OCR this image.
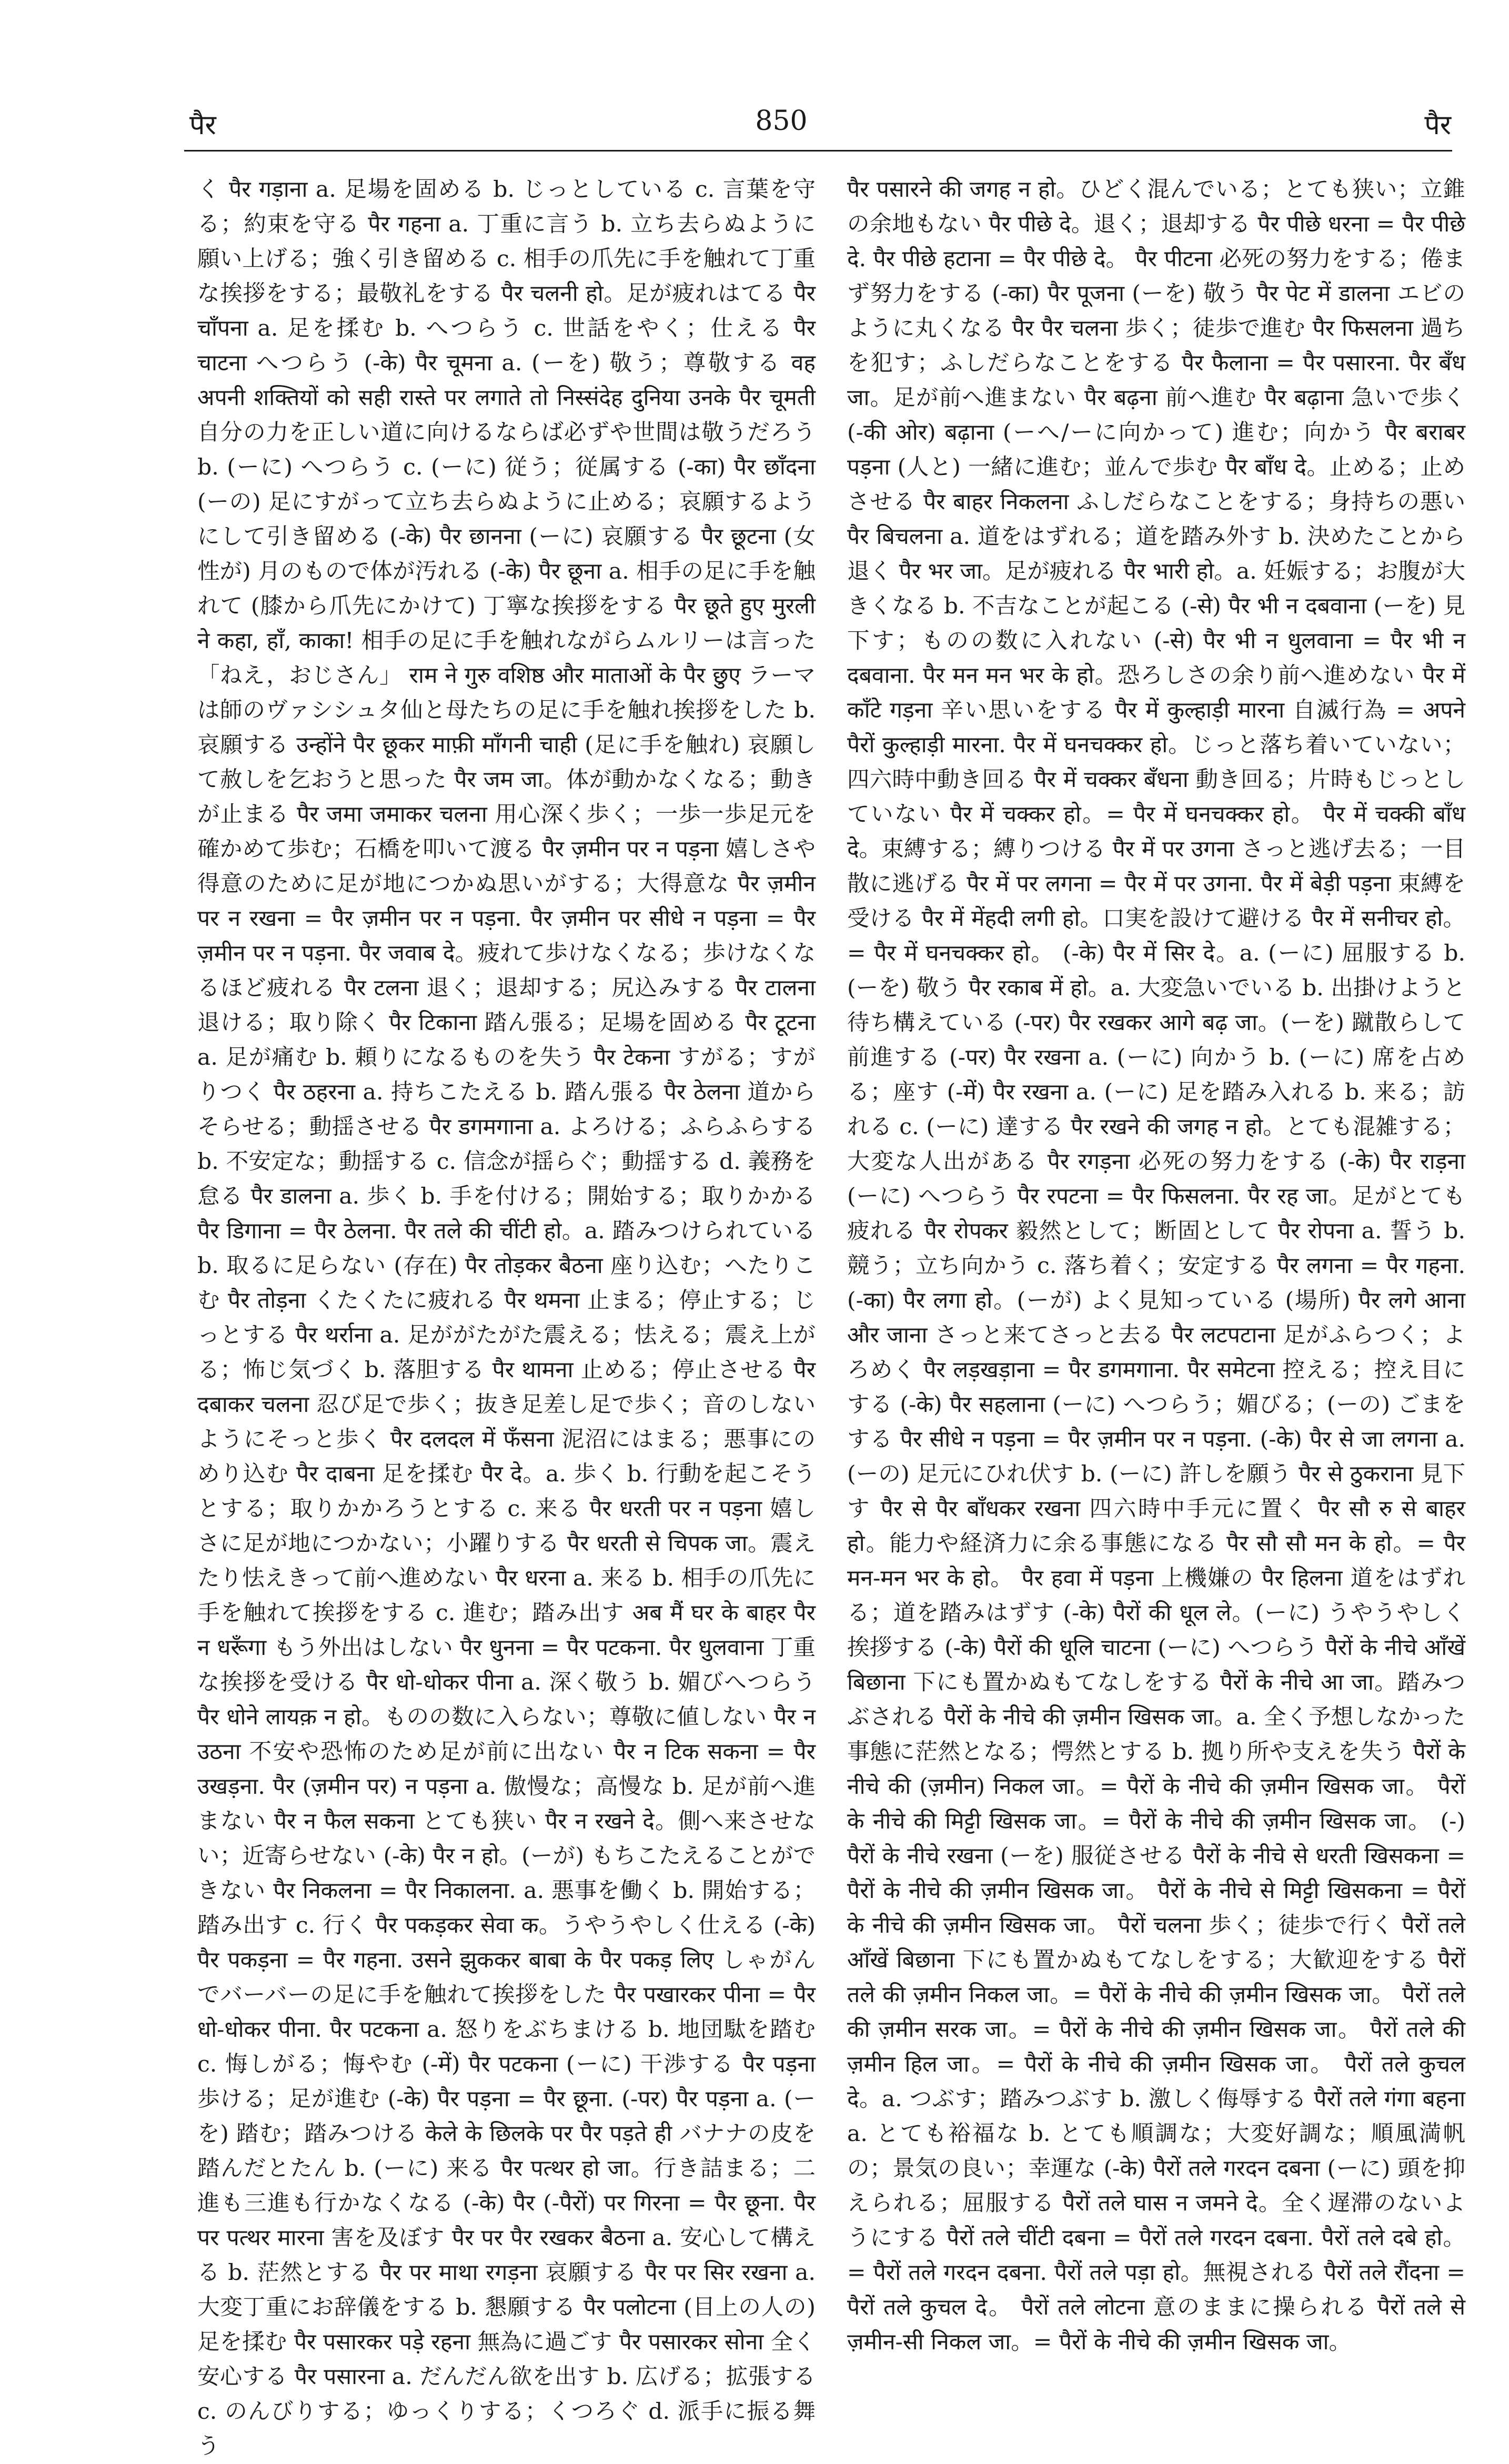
पैर	850	पैर

く पैर गड़ाना a. 足場を固める b. じっとしている c. 言葉を守る；約束を守る पैर गहना a. 丁重に言う b. 立ち去らぬように願い上げる；強く引き留める c. 相手の爪先に手を触れて丁重な挨拶をする；最敬礼をする पैर चलनी हो。足が疲れはてる पैर चाँपना a. 足を揉む b. へつらう c. 世話をやく；仕える पैर चाटना へつらう (-के) पैर चूमना a. (ーを) 敬う；尊敬する वह अपनी शक्तियों को सही रास्ते पर लगाते तो निस्संदेह दुनिया उनके पैर चूमती 自分の力を正しい道に向けるならば必ずや世間は敬うだろう b. (ーに) へつらう c. (ーに) 従う；従属する (-का) पैर छाँदना (ーの) 足にすがって立ち去らぬように止める；哀願するようにして引き留める (-के) पैर छानना (ーに) 哀願する पैर छूटना (女性が) 月のもので体が汚れる (-के) पैर छूना a. 相手の足に手を触れて (膝から爪先にかけて) 丁寧な挨拶をする पैर छूते हुए मुरली ने कहा, हाँ, काका! 相手の足に手を触れながらムルリーは言った 「ねえ，おじさん」 राम ने गुरु वशिष्ठ और माताओं के पैर छुए ラーマは師のヴァシシュタ仙と母たちの足に手を触れ挨拶をした b. 哀願する उन्होंने पैर छूकर माफ़ी माँगनी चाही (足に手を触れ) 哀願して赦しを乞おうと思った पैर जम जा。体が動かなくなる；動きが止まる पैर जमा जमाकर चलना 用心深く歩く；一歩一歩足元を確かめて歩む；石橋を叩いて渡る पैर ज़मीन पर न पड़ना 嬉しさや得意のために足が地につかぬ思いがする；大得意な पैर ज़मीन पर न रखना = पैर ज़मीन पर न पड़ना. पैर ज़मीन पर सीधे न पड़ना = पैर ज़मीन पर न पड़ना. पैर जवाब दे。疲れて歩けなくなる；歩けなくなるほど疲れる पैर टलना 退く；退却する；尻込みする पैर टालना 退ける；取り除く पैर टिकाना 踏ん張る；足場を固める पैर टूटना a. 足が痛む b. 頼りになるものを失う पैर टेकना すがる；すがりつく पैर ठहरना a. 持ちこたえる b. 踏ん張る पैर ठेलना 道からそらせる；動揺させる पैर डगमगाना a. よろける；ふらふらする b. 不安定な；動揺する c. 信念が揺らぐ；動揺する d. 義務を怠る पैर डालना a. 歩く b. 手を付ける；開始する；取りかかる पैर डिगाना = पैर ठेलना. पैर तले की चींटी हो。a. 踏みつけられている b. 取るに足らない (存在) पैर तोड़कर बैठना 座り込む；へたりこむ पैर तोड़ना くたくたに疲れる पैर थमना 止まる；停止する；じっとする पैर थर्राना a. 足ががたがた震える；怯える；震え上がる；怖じ気づく b. 落胆する पैर थामना 止める；停止させる पैर दबाकर चलना 忍び足で歩く；抜き足差し足で歩く；音のしないようにそっと歩く पैर दलदल में फँसना 泥沼にはまる；悪事にのめり込む पैर दाबना 足を揉む पैर दे。a. 歩く b. 行動を起こそうとする；取りかかろうとする c. 来る पैर धरती पर न पड़ना 嬉しさに足が地につかない；小躍りする पैर धरती से चिपक जा。震えたり怯えきって前へ進めない पैर धरना a. 来る b. 相手の爪先に手を触れて挨拶をする c. 進む；踏み出す अब मैं घर के बाहर पैर न धरूँगा もう外出はしない पैर धुनना = पैर पटकना. पैर धुलवाना 丁重な挨拶を受ける पैर धो-धोकर पीना a. 深く敬う b. 媚びへつらう पैर धोने लायक़ न हो。ものの数に入らない；尊敬に値しない पैर न उठना 不安や恐怖のため足が前に出ない पैर न टिक सकना = पैर उखड़ना. पैर (ज़मीन पर) न पड़ना a. 傲慢な；高慢な b. 足が前へ進まない पैर न फैल सकना とても狭い पैर न रखने दे。側へ来させない；近寄らせない (-के) पैर न हो。(ーが) もちこたえることができない पैर निकलना = पैर निकालना. a. 悪事を働く b. 開始する；踏み出す c. 行く पैर पकड़कर सेवा क。うやうやしく仕える (-के) पैर पकड़ना = पैर गहना. उसने झुककर बाबा के पैर पकड़ लिए しゃがんでバーバーの足に手を触れて挨拶をした पैर पखारकर पीना = पैर धो-धोकर पीना. पैर पटकना a. 怒りをぶちまける b. 地団駄を踏む c. 悔しがる；悔やむ (-में) पैर पटकना (ーに) 干渉する पैर पड़ना 歩ける；足が進む (-के) पैर पड़ना = पैर छूना. (-पर) पैर पड़ना a. (ーを) 踏む；踏みつける केले के छिलके पर पैर पड़ते ही バナナの皮を踏んだとたん b. (ーに) 来る पैर पत्थर हो जा。行き詰まる；二進も三進も行かなくなる (-के) पैर (-पैरों) पर गिरना = पैर छूना. पैर पर पत्थर मारना 害を及ぼす पैर पर पैर रखकर बैठना a. 安心して構える b. 茫然とする पैर पर माथा रगड़ना 哀願する पैर पर सिर रखना a. 大変丁重にお辞儀をする b. 懇願する पैर पलोटना (目上の人の) 足を揉む पैर पसारकर पड़े रहना 無為に過ごす पैर पसारकर सोना 全く安心する पैर पसारना a. だんだん欲を出す b. 広げる；拡張する c. のんびりする；ゆっくりする；くつろぐ d. 派手に振る舞う

पैर पसारने की जगह न हो。ひどく混んでいる；とても狭い；立錐の余地もない पैर पीछे दे。退く；退却する पैर पीछे धरना = पैर पीछे दे. पैर पीछे हटाना = पैर पीछे दे。 पैर पीटना 必死の努力をする；倦まず努力をする (-का) पैर पूजना (ーを) 敬う पैर पेट में डालना エビのように丸くなる पैर पैर चलना 歩く；徒歩で進む पैर फिसलना 過ちを犯す；ふしだらなことをする पैर फैलाना = पैर पसारना. पैर बँध जा。足が前へ進まない पैर बढ़ना 前へ進む पैर बढ़ाना 急いで歩く (-की ओर) बढ़ाना (ーへ/ーに向かって) 進む；向かう पैर बराबर पड़ना (人と) 一緒に進む；並んで歩む पैर बाँध दे。止める；止めさせる पैर बाहर निकलना ふしだらなことをする；身持ちの悪い पैर बिचलना a. 道をはずれる；道を踏み外す b. 決めたことから退く पैर भर जा。足が疲れる पैर भारी हो。a. 妊娠する；お腹が大きくなる b. 不吉なことが起こる (-से) पैर भी न दबवाना (ーを) 見下す；ものの数に入れない (-से) पैर भी न धुलवाना = पैर भी न दबवाना. पैर मन मन भर के हो。恐ろしさの余り前へ進めない पैर में काँटे गड़ना 辛い思いをする पैर में कुल्हाड़ी मारना 自滅行為 = अपने पैरों कुल्हाड़ी मारना. पैर में घनचक्कर हो。じっと落ち着いていない；四六時中動き回る पैर में चक्कर बँधना 動き回る；片時もじっとしていない पैर में चक्कर हो。= पैर में घनचक्कर हो。 पैर में चक्की बाँध दे。束縛する；縛りつける पैर में पर उगना さっと逃げ去る；一目散に逃げる पैर में पर लगना = पैर में पर उगना. पैर में बेड़ी पड़ना 束縛を受ける पैर में मेंहदी लगी हो。口実を設けて避ける पैर में सनीचर हो。= पैर में घनचक्कर हो。 (-के) पैर में सिर दे。a. (ーに) 屈服する b. (ーを) 敬う पैर रकाब में हो。a. 大変急いでいる b. 出掛けようと待ち構えている (-पर) पैर रखकर आगे बढ़ जा。(ーを) 蹴散らして前進する (-पर) पैर रखना a. (ーに) 向かう b. (ーに) 席を占める；座す (-में) पैर रखना a. (ーに) 足を踏み入れる b. 来る；訪れる c. (ーに) 達する पैर रखने की जगह न हो。とても混雑する；大変な人出がある पैर रगड़ना 必死の努力をする (-के) पैर राड़ना (ーに) へつらう पैर रपटना = पैर फिसलना. पैर रह जा。足がとても疲れる पैर रोपकर 毅然として；断固として पैर रोपना a. 誓う b. 競う；立ち向かう c. 落ち着く；安定する पैर लगना = पैर गहना. (-का) पैर लगा हो。(ーが) よく見知っている (場所) पैर लगे आना और जाना さっと来てさっと去る पैर लटपटाना 足がふらつく；よろめく पैर लड़खड़ाना = पैर डगमगाना. पैर समेटना 控える；控え目にする (-के) पैर सहलाना (ーに) へつらう；媚びる；(ーの) ごまをする पैर सीधे न पड़ना = पैर ज़मीन पर न पड़ना. (-के) पैर से जा लगना a. (ーの) 足元にひれ伏す b. (ーに) 許しを願う पैर से ठुकराना 見下す पैर से पैर बाँधकर रखना 四六時中手元に置く पैर सौ रु से बाहर हो。能力や経済力に余る事態になる पैर सौ सौ मन के हो。= पैर मन-मन भर के हो。 पैर हवा में पड़ना 上機嫌の पैर हिलना 道をはずれる；道を踏みはずす (-के) पैरों की धूल ले。(ーに) うやうやしく挨拶する (-के) पैरों की धूलि चाटना (ーに) へつらう पैरों के नीचे आँखें बिछाना 下にも置かぬもてなしをする पैरों के नीचे आ जा。踏みつぶされる पैरों के नीचे की ज़मीन खिसक जा。a. 全く予想しなかった事態に茫然となる；愕然とする b. 拠り所や支えを失う पैरों के नीचे की (ज़मीन) निकल जा。= पैरों के नीचे की ज़मीन खिसक जा。 पैरों के नीचे की मिट्टी खिसक जा。= पैरों के नीचे की ज़मीन खिसक जा。 (-) पैरों के नीचे रखना (ーを) 服従させる पैरों के नीचे से धरती खिसकना = पैरों के नीचे की ज़मीन खिसक जा。 पैरों के नीचे से मिट्टी खिसकना = पैरों के नीचे की ज़मीन खिसक जा。 पैरों चलना 歩く；徒歩で行く पैरों तले आँखें बिछाना 下にも置かぬもてなしをする；大歓迎をする पैरों तले की ज़मीन निकल जा。= पैरों के नीचे की ज़मीन खिसक जा。 पैरों तले की ज़मीन सरक जा。= पैरों के नीचे की ज़मीन खिसक जा。 पैरों तले की ज़मीन हिल जा。= पैरों के नीचे की ज़मीन खिसक जा。 पैरों तले कुचल दे。a. つぶす；踏みつぶす b. 激しく侮辱する पैरों तले गंगा बहना a. とても裕福な b. とても順調な；大変好調な；順風満帆の；景気の良い；幸運な (-के) पैरों तले गरदन दबना (ーに) 頭を抑えられる；屈服する पैरों तले घास न जमने दे。全く遅滞のないようにする पैरों तले चींटी दबना = पैरों तले गरदन दबना. पैरों तले दबे हो。= पैरों तले गरदन दबना. पैरों तले पड़ा हो。無視される पैरों तले रौंदना = पैरों तले कुचल दे。 पैरों तले लोटना 意のままに操られる पैरों तले से ज़मीन-सी निकल जा。= पैरों के नीचे की ज़मीन खिसक जा。
